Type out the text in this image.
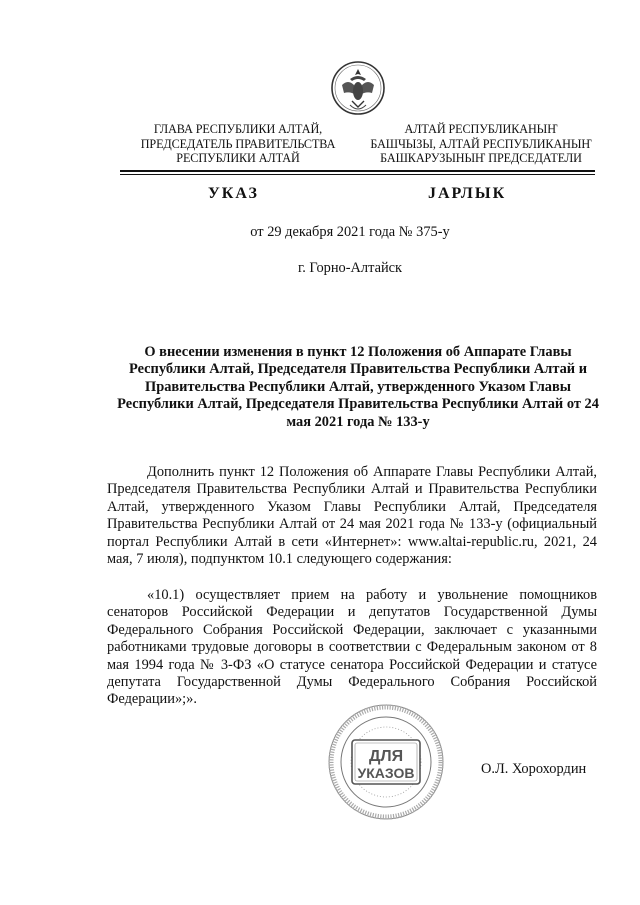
ГЛАВА РЕСПУБЛИКИ АЛТАЙ,
ПРЕДСЕДАТЕЛЬ ПРАВИТЕЛЬСТВА
РЕСПУБЛИКИ АЛТАЙ
АЛТАЙ РЕСПУБЛИКАНЫҤ
БАШЧЫЗЫ, АЛТАЙ РЕСПУБЛИКАНЫҤ
БАШКАРУЗЫНЫҤ ПРЕДСЕДАТЕЛИ
УКАЗ	JАРЛЫК
от 29 декабря 2021 года № 375-у
г. Горно-Алтайск
О внесении изменения в пункт 12 Положения об Аппарате Главы Республики Алтай, Председателя Правительства Республики Алтай и Правительства Республики Алтай, утвержденного Указом Главы Республики Алтай, Председателя Правительства Республики Алтай от 24 мая 2021 года № 133-у

Дополнить пункт 12 Положения об Аппарате Главы Республики Алтай, Председателя Правительства Республики Алтай и Правительства Республики Алтай, утвержденного Указом Главы Республики Алтай, Председателя Правительства Республики Алтай от 24 мая 2021 года № 133-у (официальный портал Республики Алтай в сети «Интернет»: www.altai-republic.ru, 2021, 24 мая, 7 июля), подпунктом 10.1 следующего содержания:

«10.1) осуществляет прием на работу и увольнение помощников сенаторов Российской Федерации и депутатов Государственной Думы Федерального Собрания Российской Федерации, заключает с указанными работниками трудовые договоры в соответствии с Федеральным законом от 8 мая 1994 года № 3-ФЗ «О статусе сенатора Российской Федерации и статусе депутата Государственной Думы Федерального Собрания Российской Федерации»;».

ДЛЯ
УКАЗОВ	О.Л. Хорохордин
